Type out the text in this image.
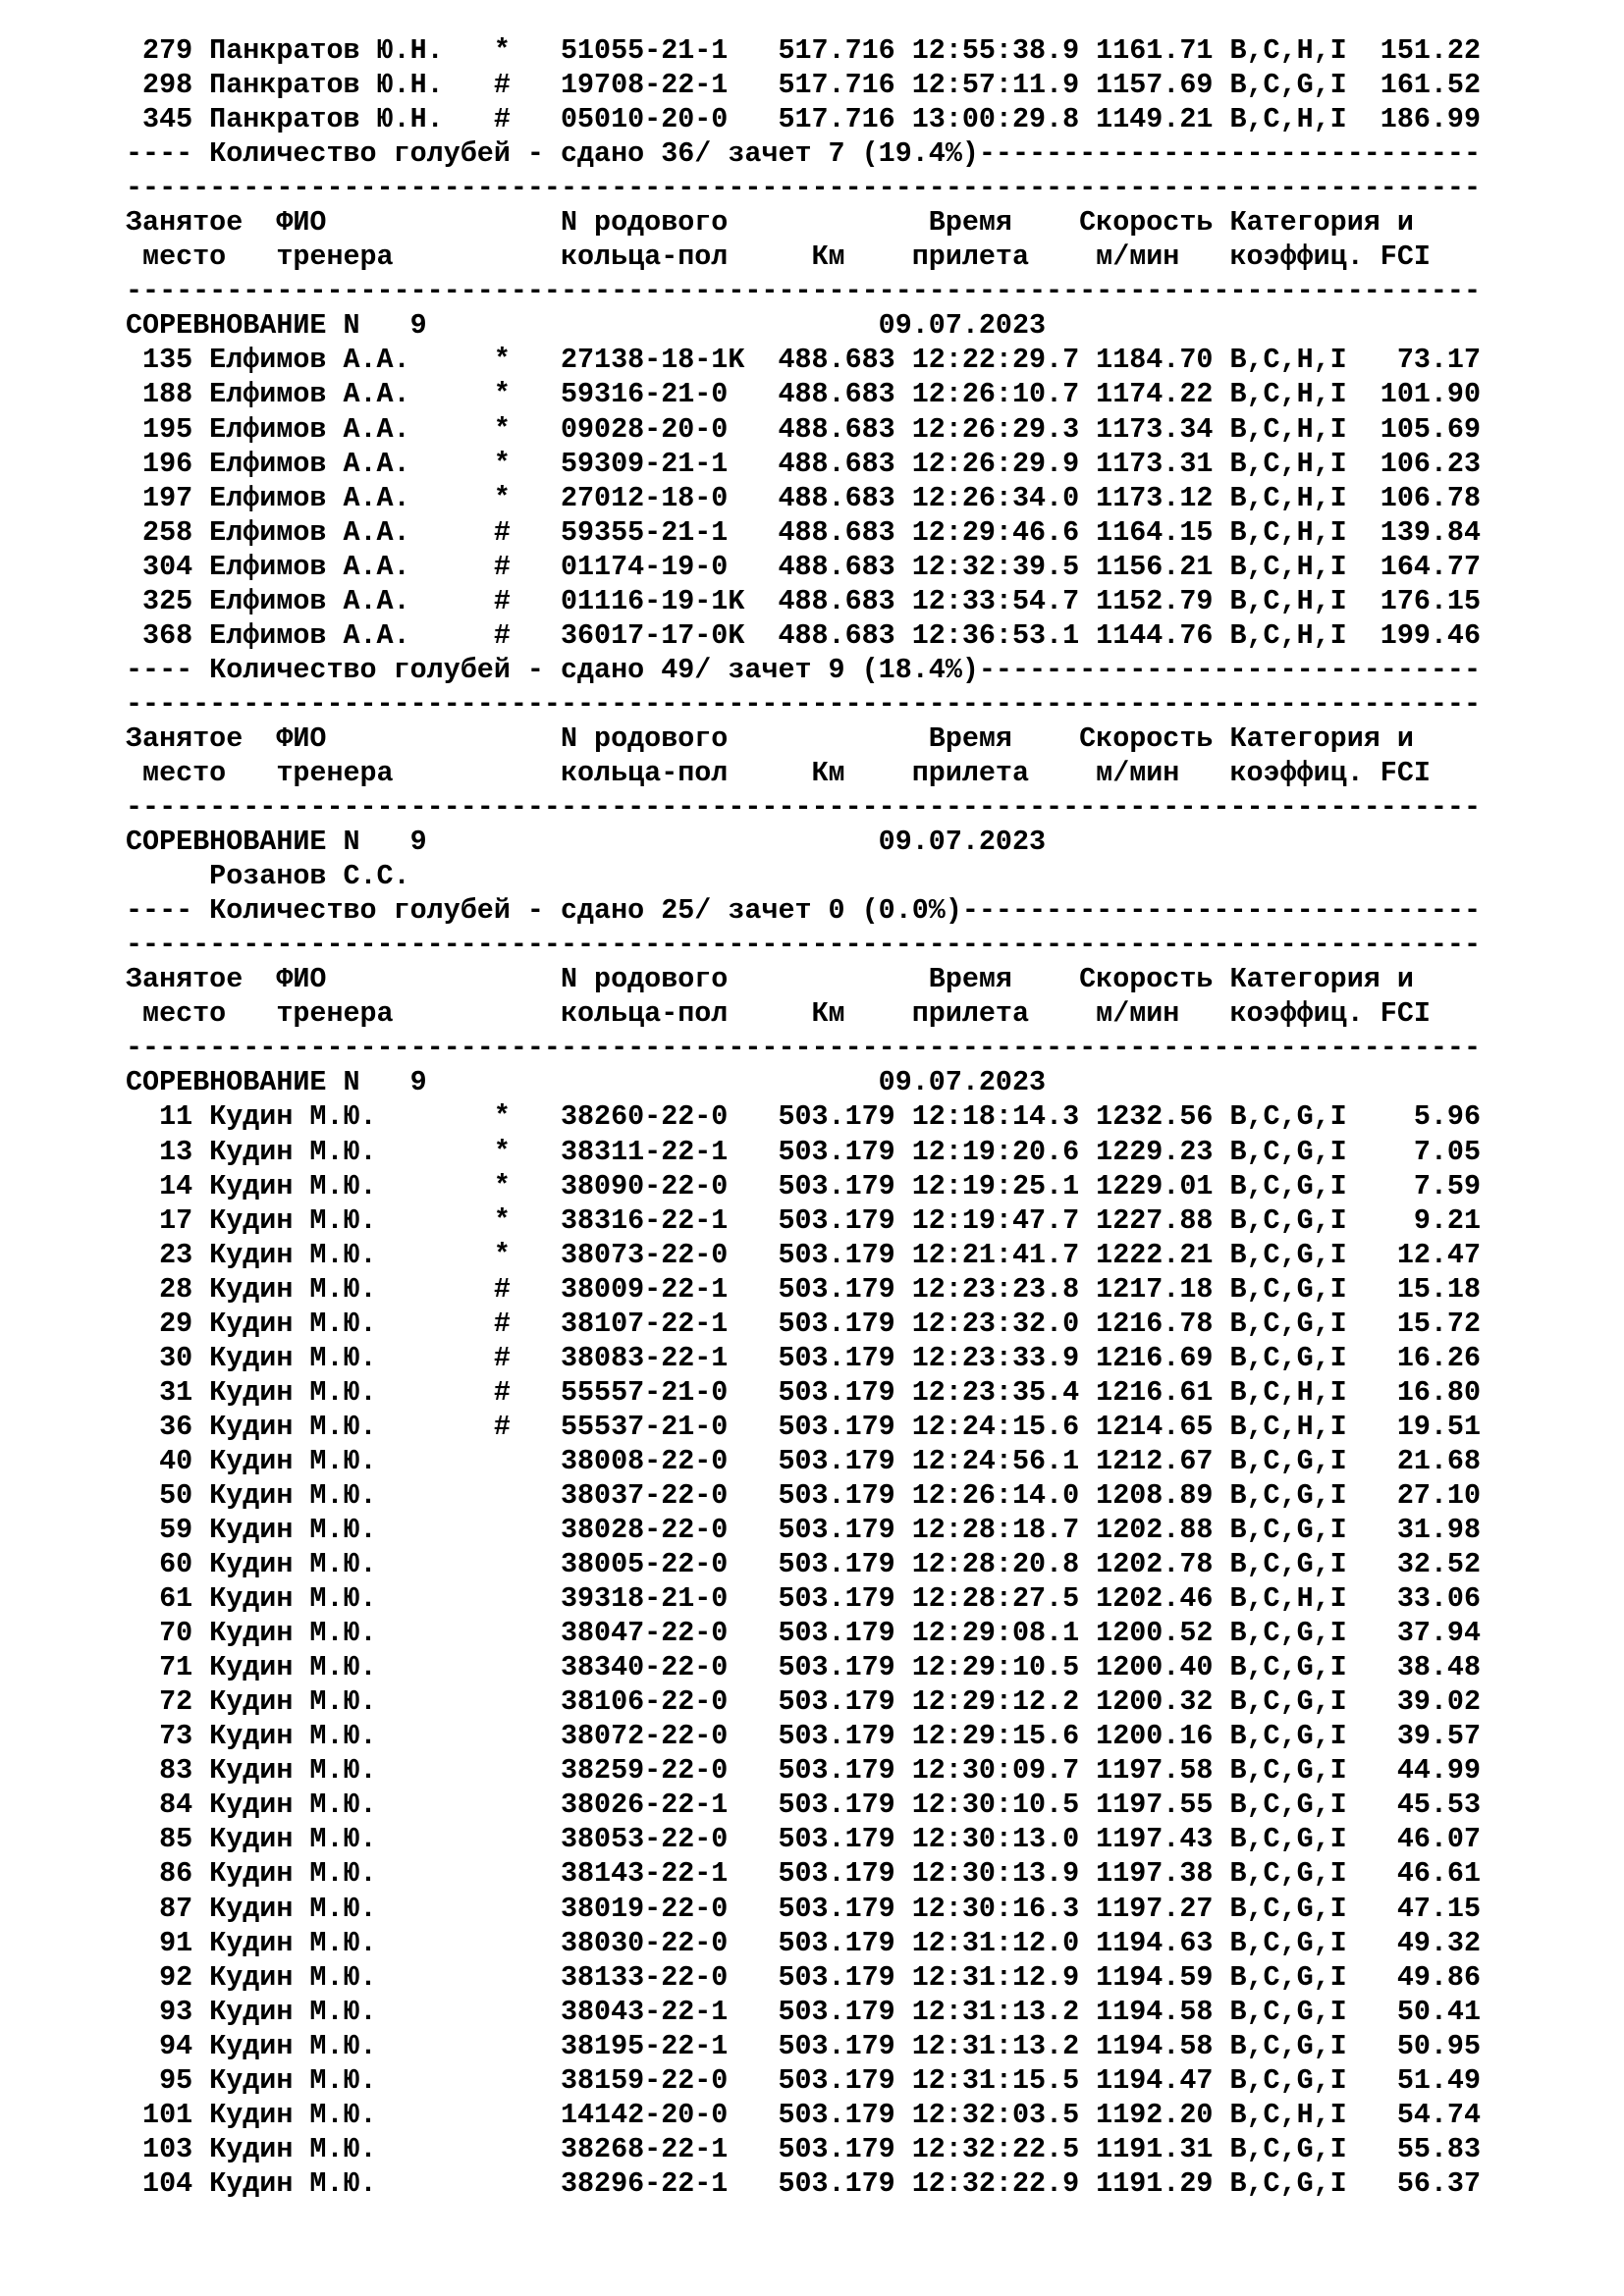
279 Панкратов Ю.Н.   *   51055-21-1   517.716 12:55:38.9 1161.71 B,C,H,I  151.22
298 Панкратов Ю.Н.   #   19708-22-1   517.716 12:57:11.9 1157.69 B,C,G,I  161.52
345 Панкратов Ю.Н.   #   05010-20-0   517.716 13:00:29.8 1149.21 B,C,H,I  186.99
---- Количество голубей - сдано 36/ зачет 7 (19.4%)------------------------------
---------------------------------------------------------------------------------
Занятое  ФИО              N родового            Время    Скорость Категория и
место   тренера          кольца-пол     Км    прилета    м/мин   коэффиц. FCI
---------------------------------------------------------------------------------
СОРЕВНОВАНИЕ N   9                           09.07.2023
135 Елфимов А.А.     *   27138-18-1K  488.683 12:22:29.7 1184.70 B,C,H,I   73.17
188 Елфимов А.А.     *   59316-21-0   488.683 12:26:10.7 1174.22 B,C,H,I  101.90
195 Елфимов А.А.     *   09028-20-0   488.683 12:26:29.3 1173.34 B,C,H,I  105.69
196 Елфимов А.А.     *   59309-21-1   488.683 12:26:29.9 1173.31 B,C,H,I  106.23
197 Елфимов А.А.     *   27012-18-0   488.683 12:26:34.0 1173.12 B,C,H,I  106.78
258 Елфимов А.А.     #   59355-21-1   488.683 12:29:46.6 1164.15 B,C,H,I  139.84
304 Елфимов А.А.     #   01174-19-0   488.683 12:32:39.5 1156.21 B,C,H,I  164.77
325 Елфимов А.А.     #   01116-19-1K  488.683 12:33:54.7 1152.79 B,C,H,I  176.15
368 Елфимов А.А.     #   36017-17-0K  488.683 12:36:53.1 1144.76 B,C,H,I  199.46
---- Количество голубей - сдано 49/ зачет 9 (18.4%)------------------------------
---------------------------------------------------------------------------------
Занятое  ФИО              N родового            Время    Скорость Категория и
место   тренера          кольца-пол     Км    прилета    м/мин   коэффиц. FCI
---------------------------------------------------------------------------------
СОРЕВНОВАНИЕ N   9                           09.07.2023
Розанов С.С.
---- Количество голубей - сдано 25/ зачет 0 (0.0%)-------------------------------
---------------------------------------------------------------------------------
Занятое  ФИО              N родового            Время    Скорость Категория и
место   тренера          кольца-пол     Км    прилета    м/мин   коэффиц. FCI
---------------------------------------------------------------------------------
СОРЕВНОВАНИЕ N   9                           09.07.2023
11 Кудин М.Ю.       *   38260-22-0   503.179 12:18:14.3 1232.56 B,C,G,I    5.96
13 Кудин М.Ю.       *   38311-22-1   503.179 12:19:20.6 1229.23 B,C,G,I    7.05
14 Кудин М.Ю.       *   38090-22-0   503.179 12:19:25.1 1229.01 B,C,G,I    7.59
17 Кудин М.Ю.       *   38316-22-1   503.179 12:19:47.7 1227.88 B,C,G,I    9.21
23 Кудин М.Ю.       *   38073-22-0   503.179 12:21:41.7 1222.21 B,C,G,I   12.47
28 Кудин М.Ю.       #   38009-22-1   503.179 12:23:23.8 1217.18 B,C,G,I   15.18
29 Кудин М.Ю.       #   38107-22-1   503.179 12:23:32.0 1216.78 B,C,G,I   15.72
30 Кудин М.Ю.       #   38083-22-1   503.179 12:23:33.9 1216.69 B,C,G,I   16.26
31 Кудин М.Ю.       #   55557-21-0   503.179 12:23:35.4 1216.61 B,C,H,I   16.80
36 Кудин М.Ю.       #   55537-21-0   503.179 12:24:15.6 1214.65 B,C,H,I   19.51
40 Кудин М.Ю.           38008-22-0   503.179 12:24:56.1 1212.67 B,C,G,I   21.68
50 Кудин М.Ю.           38037-22-0   503.179 12:26:14.0 1208.89 B,C,G,I   27.10
59 Кудин М.Ю.           38028-22-0   503.179 12:28:18.7 1202.88 B,C,G,I   31.98
60 Кудин М.Ю.           38005-22-0   503.179 12:28:20.8 1202.78 B,C,G,I   32.52
61 Кудин М.Ю.           39318-21-0   503.179 12:28:27.5 1202.46 B,C,H,I   33.06
70 Кудин М.Ю.           38047-22-0   503.179 12:29:08.1 1200.52 B,C,G,I   37.94
71 Кудин М.Ю.           38340-22-0   503.179 12:29:10.5 1200.40 B,C,G,I   38.48
72 Кудин М.Ю.           38106-22-0   503.179 12:29:12.2 1200.32 B,C,G,I   39.02
73 Кудин М.Ю.           38072-22-0   503.179 12:29:15.6 1200.16 B,C,G,I   39.57
83 Кудин М.Ю.           38259-22-0   503.179 12:30:09.7 1197.58 B,C,G,I   44.99
84 Кудин М.Ю.           38026-22-1   503.179 12:30:10.5 1197.55 B,C,G,I   45.53
85 Кудин М.Ю.           38053-22-0   503.179 12:30:13.0 1197.43 B,C,G,I   46.07
86 Кудин М.Ю.           38143-22-1   503.179 12:30:13.9 1197.38 B,C,G,I   46.61
87 Кудин М.Ю.           38019-22-0   503.179 12:30:16.3 1197.27 B,C,G,I   47.15
91 Кудин М.Ю.           38030-22-0   503.179 12:31:12.0 1194.63 B,C,G,I   49.32
92 Кудин М.Ю.           38133-22-0   503.179 12:31:12.9 1194.59 B,C,G,I   49.86
93 Кудин М.Ю.           38043-22-1   503.179 12:31:13.2 1194.58 B,C,G,I   50.41
94 Кудин М.Ю.           38195-22-1   503.179 12:31:13.2 1194.58 B,C,G,I   50.95
95 Кудин М.Ю.           38159-22-0   503.179 12:31:15.5 1194.47 B,C,G,I   51.49
101 Кудин М.Ю.           14142-20-0   503.179 12:32:03.5 1192.20 B,C,H,I   54.74
103 Кудин М.Ю.           38268-22-1   503.179 12:32:22.5 1191.31 B,C,G,I   55.83
104 Кудин М.Ю.           38296-22-1   503.179 12:32:22.9 1191.29 B,C,G,I   56.37
